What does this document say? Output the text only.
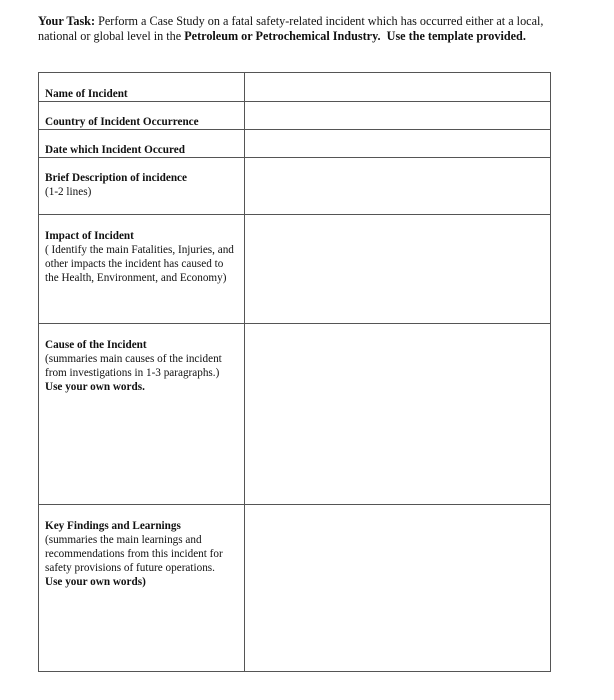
Your Task: Perform a Case Study on a fatal safety-related incident which has occurred either at a local, national or global level in the Petroleum or Petrochemical Industry. Use the template provided.
Name of Incident	

Country of Incident Occurrence	

Date which Incident Occured	

Brief Description of incidence
(1-2 lines)	

Impact of Incident
( Identify the main Fatalities, Injuries, and other impacts the incident has caused to the Health, Environment, and Economy)	

Cause of the Incident
(summaries main causes of the incident from investigations in 1-3 paragraphs.)
Use your own words.	

Key Findings and Learnings
(summaries the main learnings and recommendations from this incident for safety provisions of future operations.
Use your own words)	
